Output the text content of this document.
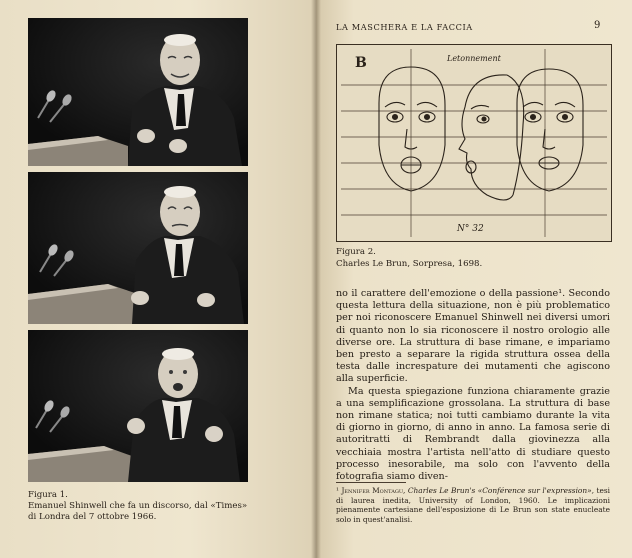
Figura 1.
Emanuel Shinwell che fa un discorso, dal «Times» di Londra del 7 ottobre 1966.
LA MASCHERA E LA FACCIA	9
B	Letonnement
N° 32
Figura 2.
Charles Le Brun, Sorpresa, 1698.

no il carattere dell'emozione o della passione¹. Secondo questa lettura della situazione, non è più problematico per noi riconoscere Emanuel Shinwell nei diversi umori di quanto non lo sia riconoscere il nostro orologio alle diverse ore. La struttura di base rimane, e impariamo ben presto a separare la rigida struttura ossea della testa dalle increspature dei mutamenti che agiscono alla superficie.

Ma questa spiegazione funziona chiaramente grazie a una semplificazione grossolana. La struttura di base non rimane statica; noi tutti cambiamo durante la vita di giorno in giorno, di anno in anno. La famosa serie di autoritratti di Rembrandt dalla giovinezza alla vecchiaia mostra l'artista nell'atto di studiare questo processo inesorabile, ma solo con l'avvento della fotografia siamo diven-

¹ Jennifer Montagu, Charles Le Brun's «Conférence sur l'expression», tesi di laurea inedita, University of London, 1960. Le implicazioni pienamente cartesiane dell'esposizione di Le Brun son state enucleate solo in quest'analisi.
